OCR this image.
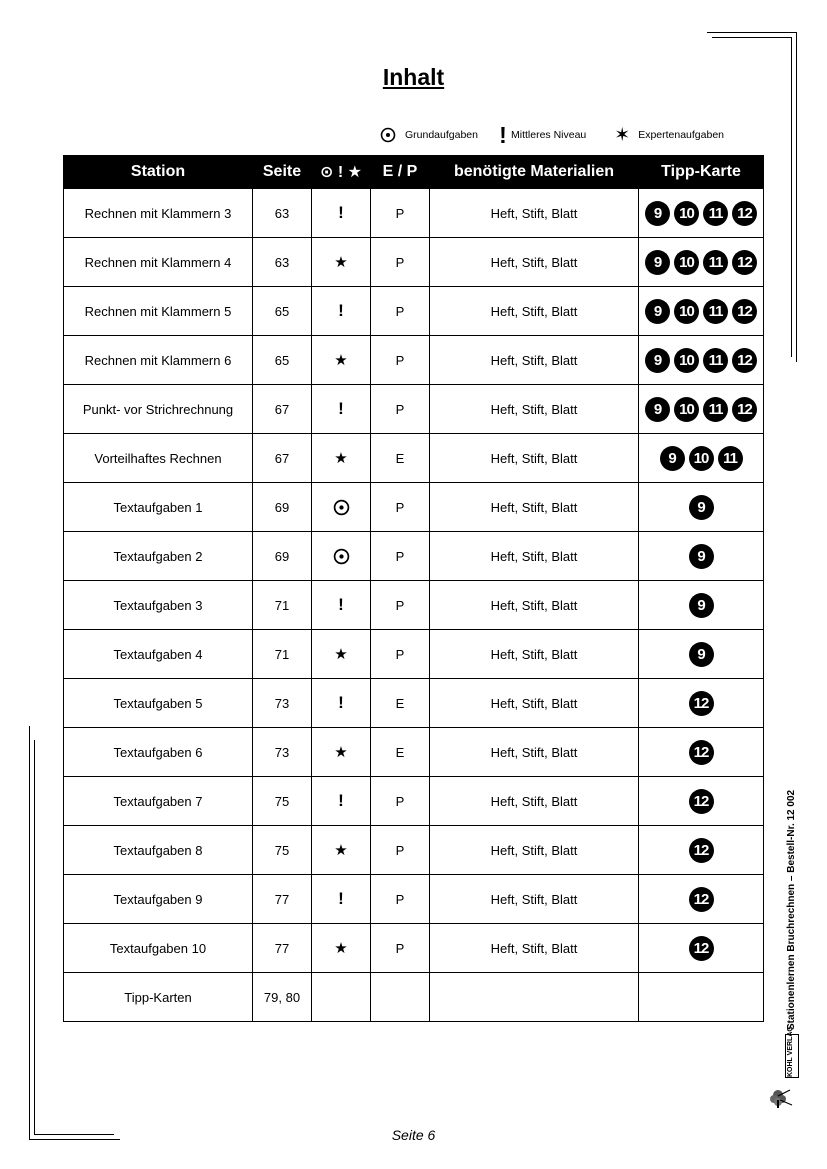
Inhalt
Grundaufgaben ! Mittleres Niveau ✶ Expertenaufgaben
Station	Seite	⊙ ! ★	E / P	benötigte Materialien	Tipp-Karte
Rechnen mit Klammern 3	63	!	P	Heft, Stift, Blatt	9 10 11 12

Rechnen mit Klammern 4	63	★	P	Heft, Stift, Blatt	9 10 11 12

Rechnen mit Klammern 5	65	!	P	Heft, Stift, Blatt	9 10 11 12

Rechnen mit Klammern 6	65	★	P	Heft, Stift, Blatt	9 10 11 12

Punkt- vor Strichrechnung	67	!	P	Heft, Stift, Blatt	9 10 11 12

Vorteilhaftes Rechnen	67	★	E	Heft, Stift, Blatt	9 10 11

Textaufgaben 1	69		P	Heft, Stift, Blatt	9

Textaufgaben 2	69		P	Heft, Stift, Blatt	9

Textaufgaben 3	71	!	P	Heft, Stift, Blatt	9

Textaufgaben 4	71	★	P	Heft, Stift, Blatt	9

Textaufgaben 5	73	!	E	Heft, Stift, Blatt	12

Textaufgaben 6	73	★	E	Heft, Stift, Blatt	12

Textaufgaben 7	75	!	P	Heft, Stift, Blatt	12

Textaufgaben 8	75	★	P	Heft, Stift, Blatt	12

Textaufgaben 9	77	!	P	Heft, Stift, Blatt	12

Textaufgaben 10	77	★	P	Heft, Stift, Blatt	12

Tipp-Karten	79, 80					Stationenlernen Bruchrechnen – Bestell-Nr. 12 002
KOHL VERLAG
Seite 6
